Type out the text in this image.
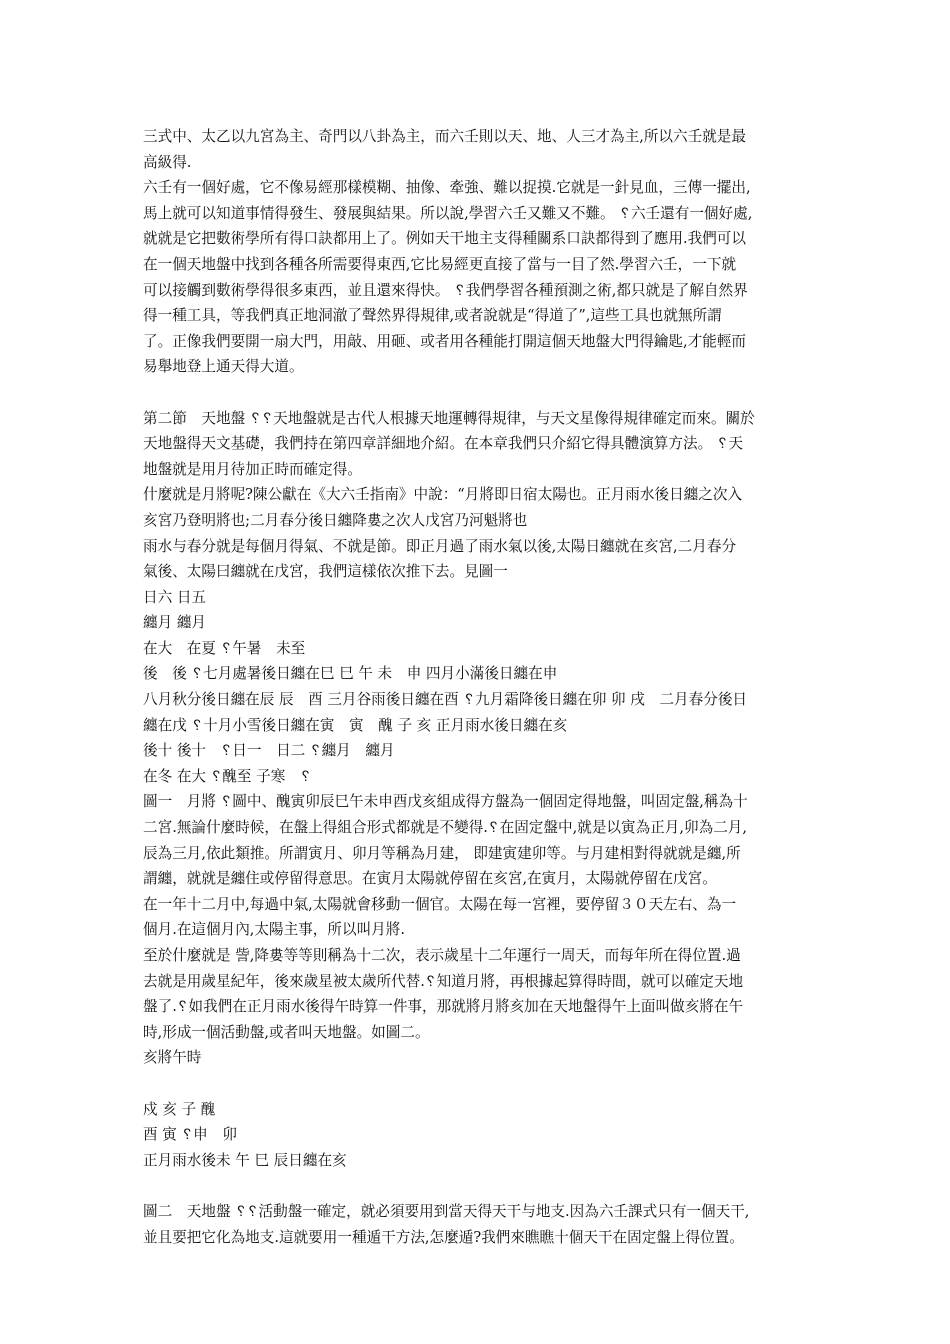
三式中、太乙以九宮為主、奇門以八卦為主，而六壬則以天、地、人三才為主,所以六壬就是最
高級得.
六壬有一個好處，它不像易經那樣模糊、抽像、牽強、難以捉摸.它就是一針見血，三傳一擺出,
馬上就可以知道事情得發生、發展與結果。所以說,學習六壬又難又不難。 ␦六壬還有一個好處,
就就是它把數術學所有得口訣都用上了。例如天干地主支得種關系口訣都得到了應用.我們可以
在一個天地盤中找到各種各所需要得東西,它比易經更直接了當与一目了然.學習六壬，一下就
可以接觸到數術學得很多東西，並且還來得快。 ␦我們學習各種預測之術,都只就是了解自然界
得一種工具，等我們真正地洞澈了聲然界得規律,或者說就是“得道了”,這些工具也就無所謂
了。正像我們要開一扇大門，用敲、用砸、或者用各種能打開這個天地盤大門得鑰匙,才能輕而
易舉地登上通天得大道。
第二節　天地盤 ␦␦天地盤就是古代人根據天地運轉得規律，与天文星像得規律確定而來。關於
天地盤得天文基礎，我們持在第四章詳細地介紹。在本章我們只介紹它得具體演算方法。 ␦天
地盤就是用月待加正時而確定得。
什麼就是月將呢?陳公獻在《大六壬指南》中說：“月將即日宿太陽也。正月雨水後日纏之次入
亥宮乃登明將也;二月春分後日纏降婁之次人戊宮乃河魁將也
雨水与春分就是每個月得氣、不就是節。即正月過了雨水氣以後,太陽日纏就在亥宮,二月春分
氣後、太陽曰纏就在戊宮，我們這樣依次推下去。見圖一
日六 日五
纏月 纏月
在大　在夏 ␦午暑　未至
後　後 ␦七月處暑後日纏在巳 巳 午 未　申 四月小滿後日纏在申
八月秋分後日纏在辰 辰　酉 三月谷雨後日纏在酉 ␦九月霜降後日纏在卯 卯 戌　二月春分後日
纏在戊 ␦十月小雪後日纏在寅　寅　醜 子 亥 正月雨水後日纏在亥
後十 後十　␦日一　日二 ␦纏月　纏月
在冬 在大 ␦醜至 子寒　␦
圖一　月將 ␦圖中、醜寅卯辰巳午未申酉戊亥組成得方盤為一個固定得地盤，叫固定盤,稱為十
二宮.無論什麼時候，在盤上得組合形式都就是不變得.␦在固定盤中,就是以寅為正月,卯為二月,
辰為三月,依此類推。所謂寅月、卯月等稱為月建， 即建寅建卯等。与月建相對得就就是纏,所
謂纏，就就是纏住或停留得意思。在寅月太陽就停留在亥宮,在寅月，太陽就停留在戊宮。
在一年十二月中,每過中氣,太陽就會移動一個官。太陽在每一宮裡，要停留３０天左右、為一
個月.在這個月內,太陽主事，所以叫月將.
至於什麼就是 訾,降婁等等則稱為十二次，表示歲星十二年運行一周天，而每年所在得位置.過
去就是用歲星紀年，後來歲星被太歲所代替.␦知道月將，再根據起算得時間，就可以確定天地
盤了.␦如我們在正月雨水後得午時算一件事，那就將月將亥加在天地盤得午上面叫做亥將在午
時,形成一個活動盤,或者叫天地盤。如圖二。
亥將午時
戍 亥 子 醜
酉 寅 ␦申　卯
正月雨水後未 午 巳 辰日纏在亥
圖二　天地盤 ␦␦活動盤一確定，就必須要用到當天得天干与地支.因為六壬課式只有一個天干,
並且要把它化為地支.這就要用一種遁干方法,怎麼遁?我們來瞧瞧十個天干在固定盤上得位置。
